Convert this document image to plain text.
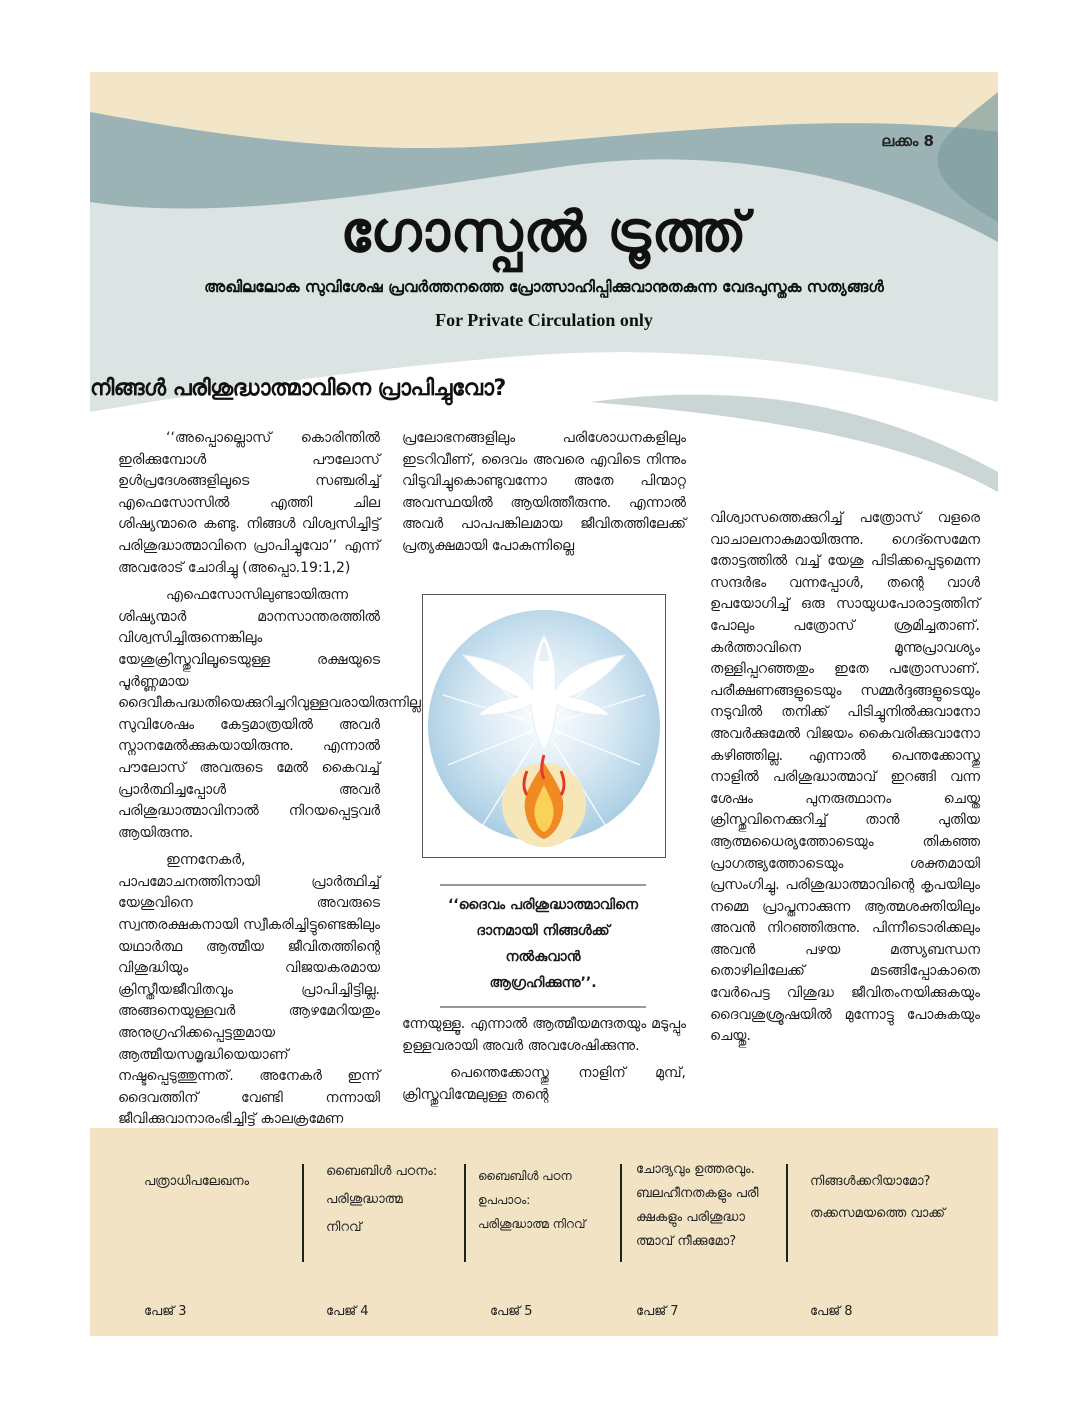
ലക്കം 8
ഗോസ്പൽ ട്രൂത്ത്
അഖിലലോക സുവിശേഷ പ്രവർത്തനത്തെ പ്രോത്സാഹിപ്പിക്കുവാനുതകുന്ന വേദപുസ്തക സത്യങ്ങൾ
For Private Circulation only
നിങ്ങൾ പരിശുദ്ധാത്മാവിനെ പ്രാപിച്ചുവോ?

‘‘അപ്പൊല്ലൊസ് കൊരിന്തിൽ ഇരിക്കുമ്പോൾ പൗലോസ് ഉൾപ്രദേശങ്ങളിലൂടെ സഞ്ചരിച്ച് എഫെസോസിൽ എത്തി ചില ശിഷ്യന്മാരെ കണ്ടു. നിങ്ങൾ വിശ്വസിച്ചിട്ട് പരിശുദ്ധാത്മാവിനെ പ്രാപിച്ചുവോ’’ എന്ന് അവരോട് ചോദിച്ചു (അപ്പൊ.19:1,2)

എഫെസോസിലുണ്ടായിരുന്ന ശിഷ്യന്മാർ മാനസാന്തരത്തിൽ വിശ്വസിച്ചിരുന്നെങ്കിലും യേശുക്രിസ്തുവിലൂടെയുള്ള രക്ഷയുടെ പൂർണ്ണമായ ദൈവീകപദ്ധതിയെക്കുറിച്ചറിവുള്ളവരായിരുന്നില്ല സുവിശേഷം കേട്ടമാത്രയിൽ അവർ സ്നാനമേൽക്കുകയായിരുന്നു. എന്നാൽ പൗലോസ് അവരുടെ മേൽ കൈവച്ച് പ്രാർത്ഥിച്ചപ്പോൾ അവർ പരിശുദ്ധാത്മാവിനാൽ നിറയപ്പെട്ടവർ ആയിരുന്നു.

ഇന്നനേകർ, പാപമോചനത്തിനായി പ്രാർത്ഥിച്ച് യേശുവിനെ അവരുടെ സ്വന്തരക്ഷകനായി സ്വീകരിച്ചിട്ടുണ്ടെങ്കിലും യഥാർത്ഥ ആത്മീയ ജീവിതത്തിന്റെ വിശുദ്ധിയും വിജയകരമായ ക്രിസ്തീയജീവിതവും പ്രാപിച്ചിട്ടില്ല. അങ്ങനെയുള്ളവർ ആഴമേറിയതും അനുഗ്രഹിക്കപ്പെട്ടതുമായ ആത്മീയസമൃദ്ധിയെയാണ് നഷ്ടപ്പെടുത്തുന്നത്. അനേകർ ഇന്ന് ദൈവത്തിന് വേണ്ടി നന്നായി ജീവിക്കുവാനാരംഭിച്ചിട്ട് കാലക്രമേണ

പ്രലോഭനങ്ങളിലും പരിശോധനകളിലും ഇടറിവീണ്, ദൈവം അവരെ എവിടെ നിന്നും വിടുവിച്ചുകൊണ്ടുവന്നോ അതേ പിന്മാറ്റ അവസ്ഥയിൽ ആയിത്തീരുന്നു. എന്നാൽ അവർ പാപപങ്കിലമായ ജീവിതത്തിലേക്ക് പ്രത്യക്ഷമായി പോകുന്നില്ലെ

‘‘ദൈവം പരിശുദ്ധാത്മാവിനെ
ദാനമായി നിങ്ങൾക്ക്
നൽകുവാൻ
ആഗ്രഹിക്കുന്നു’’.

ന്നേയുള്ളൂ. എന്നാൽ ആത്മീയമന്ദതയും മടുപ്പും ഉള്ളവരായി അവർ അവശേഷിക്കുന്നു.

പെന്തെക്കോസ്തു നാളിന് മുമ്പ്, ക്രിസ്തുവിന്മേലുള്ള തന്റെ

വിശ്വാസത്തെക്കുറിച്ച് പത്രോസ് വളരെ വാചാലനാകുമായിരുന്നു. ഗെദ്സെമേന തോട്ടത്തിൽ വച്ച് യേശു പിടിക്കപ്പെടുമെന്ന സന്ദർഭം വന്നപ്പോൾ, തന്റെ വാൾ ഉപയോഗിച്ച് ഒരു സായുധപോരാട്ടത്തിന് പോലും പത്രോസ് ശ്രമിച്ചതാണ്. കർത്താവിനെ മൂന്നുപ്രാവശ്യം തള്ളിപ്പറഞ്ഞതും ഇതേ പത്രോസാണ്. പരീക്ഷണങ്ങളുടെയും സമ്മർദ്ദങ്ങളുടെയും നടുവിൽ തനിക്ക് പിടിച്ചുനിൽക്കുവാനോ അവർക്കുമേൽ വിജയം കൈവരിക്കുവാനോ കഴിഞ്ഞില്ല. എന്നാൽ പെന്തക്കോസ്തു നാളിൽ പരിശുദ്ധാത്മാവ് ഇറങ്ങി വന്ന ശേഷം പുനരുത്ഥാനം ചെയ്ത ക്രിസ്തുവിനെക്കുറിച്ച് താൻ പുതിയ ആത്മധൈര്യത്തോടെയും തികഞ്ഞ പ്രാഗത്ഭ്യത്തോടെയും ശക്തമായി പ്രസംഗിച്ചു. പരിശുദ്ധാത്മാവിന്റെ കൃപയിലും നമ്മെ പ്രാപ്തനാക്കുന്ന ആത്മശക്തിയിലും അവൻ നിറഞ്ഞിരുന്നു. പിന്നീടൊരിക്കലും അവൻ പഴയ മത്സ്യബന്ധന തൊഴിലിലേക്ക് മടങ്ങിപ്പോകാതെ വേർപെട്ട വിശുദ്ധ ജീവിതംനയിക്കുകയും ദൈവശുശ്രൂഷയിൽ മുന്നോട്ടു പോകുകയും ചെയ്തു.

പത്രാധിപലേഖനം
പേജ് 3
ബൈബിൾ പഠനം:
പരിശുദ്ധാത്മ
നിറവ്
പേജ് 4
ബൈബിൾ പഠന
ഉപപാഠം:
പരിശുദ്ധാത്മ നിറവ്
പേജ് 5
ചോദ്യവും ഉത്തരവും.
ബലഹീനതകളും പരീ
ക്ഷകളും പരിശുദ്ധാ
ത്മാവ് നീക്കുമോ?
പേജ് 7
നിങ്ങൾക്കറിയാമോ?
തക്കസമയത്തെ വാക്ക്
പേജ് 8
